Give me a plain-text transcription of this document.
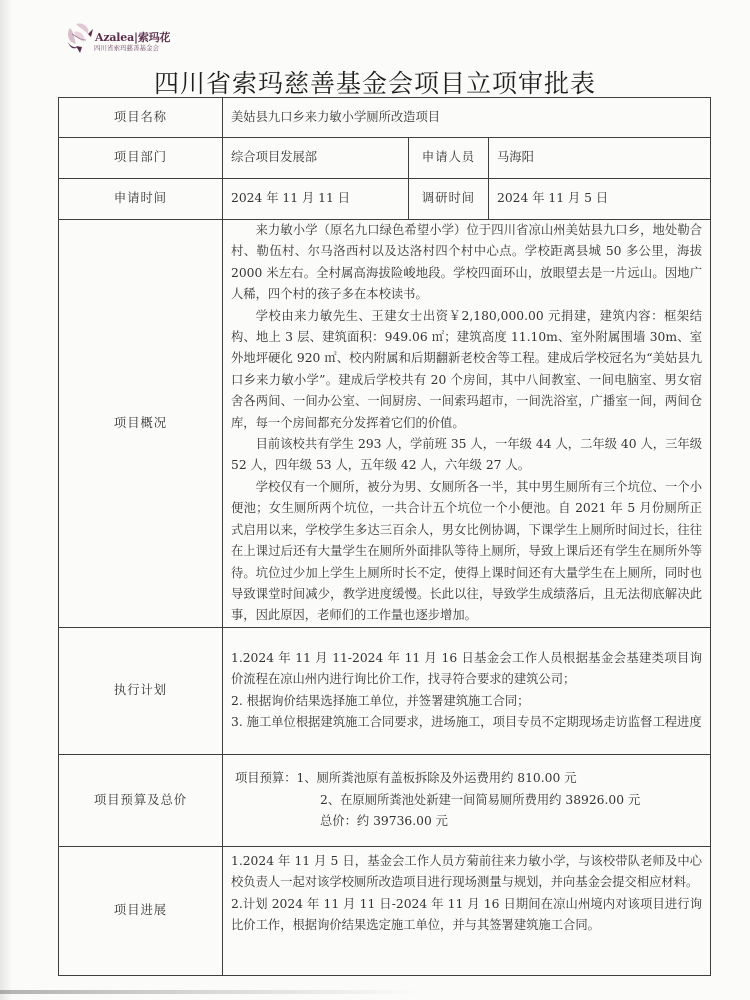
Azalea|索玛花
四川省索玛慈善基金会
四川省索玛慈善基金会项目立项审批表
项目名称	美姑县九口乡来力敏小学厕所改造项目		
项目部门	综合项目发展部	申请人员	马海阳
申请时间	2024 年 11 月 11 日	调研时间	2024 年 11 月 5 日
项目概况	来力敏小学（原名九口绿色希望小学）位于四川省凉山州美姑县九口乡，地处勒合村、勒伍村、尔马洛西村以及达洛村四个村中心点。学校距离县城 50 多公里，海拔 2000 米左右。全村属高海拔险峻地段。学校四面环山，放眼望去是一片远山。因地广人稀，四个村的孩子多在本校读书。
学校由来力敏先生、王建女士出资￥2,180,000.00 元捐建，建筑内容：框架结构、地上 3 层、建筑面积：949.06 ㎡；建筑高度 11.10m、室外附属围墙 30m、室外地坪硬化 920 ㎡、校内附属和后期翻新老校舍等工程。建成后学校冠名为“美姑县九口乡来力敏小学”。建成后学校共有 20 个房间，其中八间教室、一间电脑室、男女宿舍各两间、一间办公室、一间厨房、一间索玛超市，一间洗浴室，广播室一间，两间仓库，每一个房间都充分发挥着它们的价值。
目前该校共有学生 293 人，学前班 35 人，一年级 44 人，二年级 40 人，三年级 52 人，四年级 53 人，五年级 42 人，六年级 27 人。
学校仅有一个厕所，被分为男、女厕所各一半，其中男生厕所有三个坑位、一个小便池；女生厕所两个坑位，一共合计五个坑位一个小便池。自 2021 年 5 月份厕所正式启用以来，学校学生多达三百余人，男女比例协调，下课学生上厕所时间过长，往往在上课过后还有大量学生在厕所外面排队等待上厕所，导致上课后还有学生在厕所外等待。坑位过少加上学生上厕所时长不定，使得上课时间还有大量学生在上厕所，同时也导致课堂时间减少，教学进度缓慢。长此以往，导致学生成绩落后，且无法彻底解决此事，因此原因，老师们的工作量也逐步增加。		

执行计划	1.2024 年 11 月 11-2024 年 11 月 16 日基金会工作人员根据基金会基建类项目询价流程在凉山州内进行询比价工作，找寻符合要求的建筑公司；
2. 根据询价结果选择施工单位，并签署建筑施工合同；
3. 施工单位根据建筑施工合同要求，进场施工，项目专员不定期现场走访监督工程进度		

项目预算及总价	项目预算：1、厕所粪池原有盖板拆除及外运费用约 810.00 元
2、在原厕所粪池处新建一间简易厕所费用约 38926.00 元
总价：约 39736.00 元		

项目进展	1.2024 年 11 月 5 日，基金会工作人员方菊前往来力敏小学，与该校带队老师及中心校负责人一起对该学校厕所改造项目进行现场测量与规划，并向基金会提交相应材料。
2.计划 2024 年 11 月 11 日-2024 年 11 月 16 日期间在凉山州境内对该项目进行询比价工作，根据询价结果选定施工单位，并与其签署建筑施工合同。		
